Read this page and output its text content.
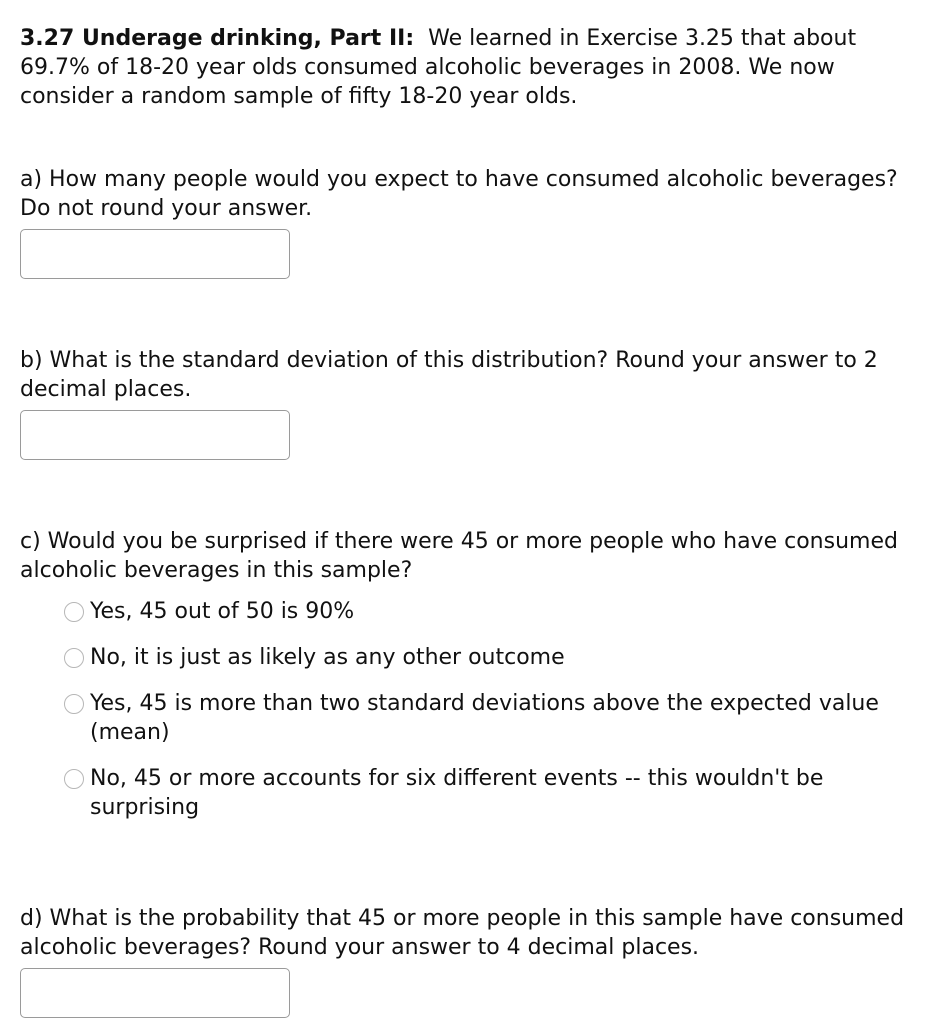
3.27 Underage drinking, Part II: We learned in Exercise 3.25 that about 69.7% of 18-20 year olds consumed alcoholic beverages in 2008. We now consider a random sample of fifty 18-20 year olds.

a) How many people would you expect to have consumed alcoholic beverages? Do not round your answer.

b) What is the standard deviation of this distribution? Round your answer to 2 decimal places.

c) Would you be surprised if there were 45 or more people who have consumed alcoholic beverages in this sample?

Yes, 45 out of 50 is 90%
No, it is just as likely as any other outcome
Yes, 45 is more than two standard deviations above the expected value (mean)
No, 45 or more accounts for six different events -- this wouldn't be surprising

d) What is the probability that 45 or more people in this sample have consumed alcoholic beverages? Round your answer to 4 decimal places.
